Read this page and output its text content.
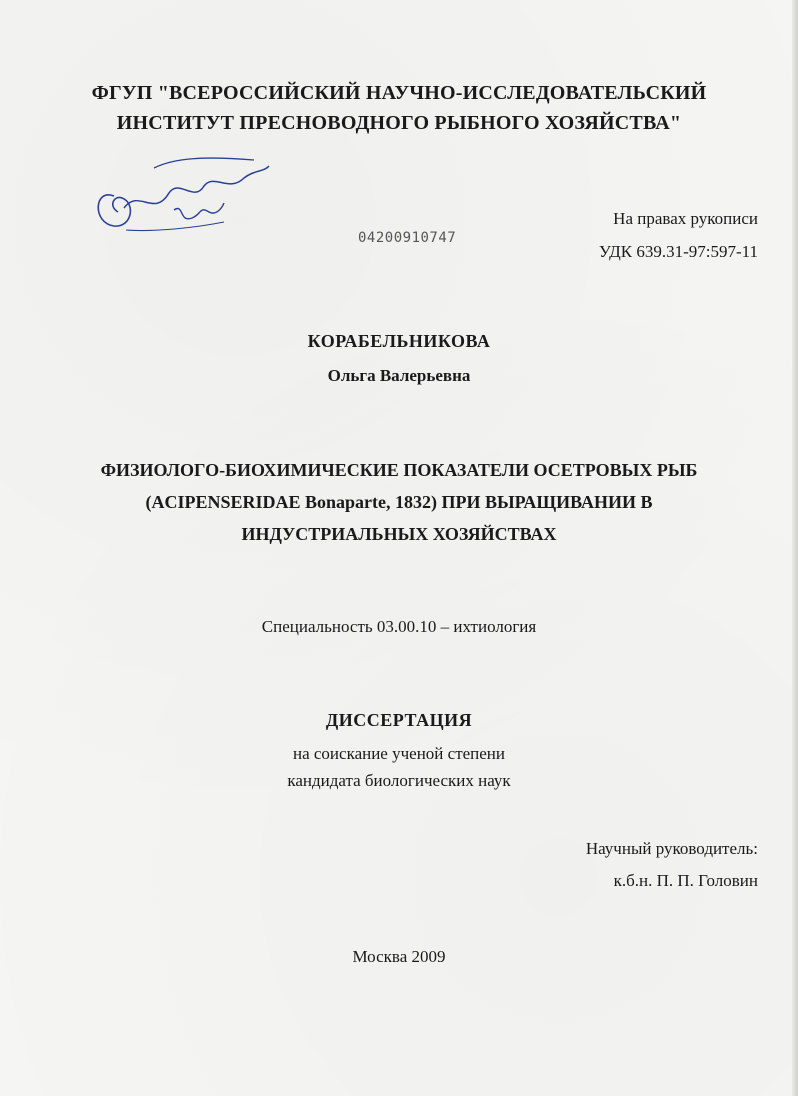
ФГУП "ВСЕРОССИЙСКИЙ НАУЧНО-ИССЛЕДОВАТЕЛЬСКИЙ
ИНСТИТУТ ПРЕСНОВОДНОГО РЫБНОГО ХОЗЯЙСТВА"
На правах рукописи
УДК 639.31-97:597-11
04200910747
КОРАБЕЛЬНИКОВА
Ольга Валерьевна
ФИЗИОЛОГО-БИОХИМИЧЕСКИЕ ПОКАЗАТЕЛИ ОСЕТРОВЫХ РЫБ
(ACIPENSERIDAE Bonaparte, 1832) ПРИ ВЫРАЩИВАНИИ В
ИНДУСТРИАЛЬНЫХ ХОЗЯЙСТВАХ
Специальность 03.00.10 – ихтиология
ДИССЕРТАЦИЯ
на соискание ученой степени
кандидата биологических наук
Научный руководитель:
к.б.н. П. П. Головин
Москва 2009
